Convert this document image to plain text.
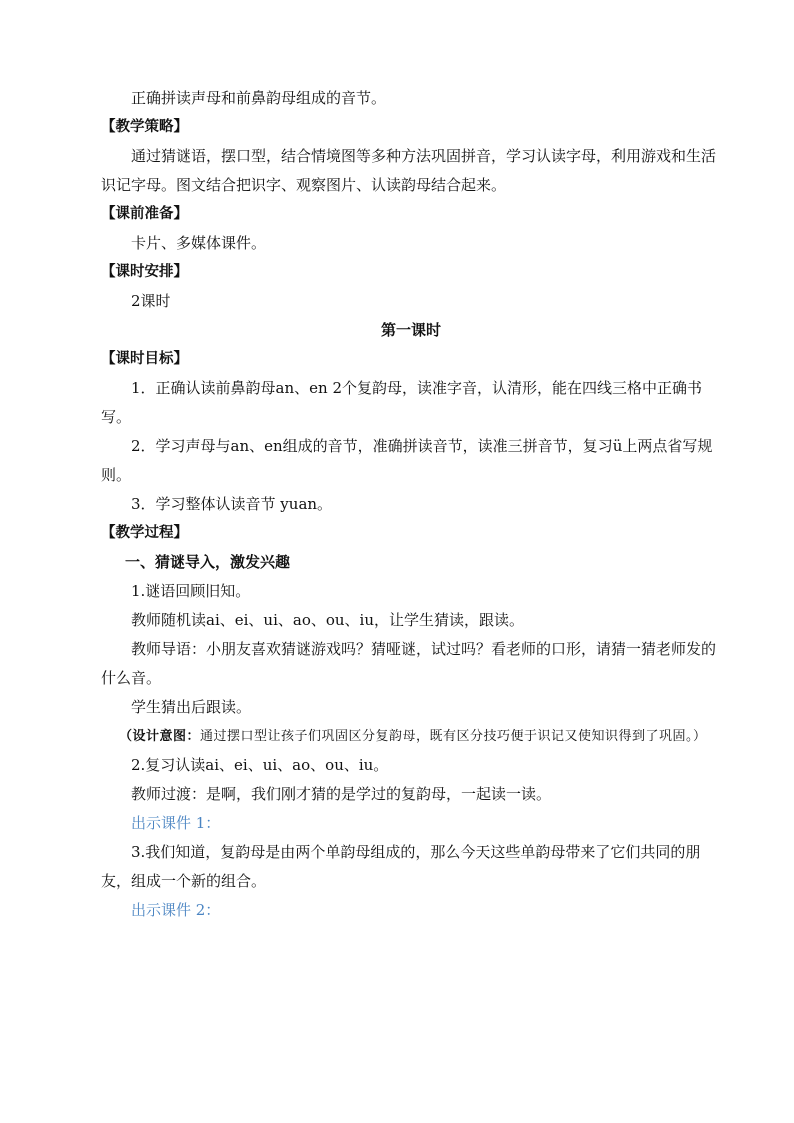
正确拼读声母和前鼻韵母组成的音节。
【教学策略】
通过猜谜语，摆口型，结合情境图等多种方法巩固拼音，学习认读字母，利用游戏和生活识记字母。图文结合把识字、观察图片、认读韵母结合起来。
【课前准备】
卡片、多媒体课件。
【课时安排】
2课时
第一课时
【课时目标】
1．正确认读前鼻韵母an、en 2个复韵母，读准字音，认清形，能在四线三格中正确书写。
2．学习声母与an、en组成的音节，准确拼读音节，读准三拼音节，复习ü上两点省写规则。
3．学习整体认读音节 yuan。
【教学过程】
一、猜谜导入，激发兴趣
1.谜语回顾旧知。
教师随机读ai、ei、ui、ao、ou、iu，让学生猜读，跟读。
教师导语：小朋友喜欢猜谜游戏吗？猜哑谜，试过吗？看老师的口形，请猜一猜老师发的什么音。
学生猜出后跟读。
（设计意图：通过摆口型让孩子们巩固区分复韵母，既有区分技巧便于识记又使知识得到了巩固。）
2.复习认读ai、ei、ui、ao、ou、iu。
教师过渡：是啊，我们刚才猜的是学过的复韵母，一起读一读。
出示课件 1：
3.我们知道，复韵母是由两个单韵母组成的，那么今天这些单韵母带来了它们共同的朋友，组成一个新的组合。
出示课件 2：
